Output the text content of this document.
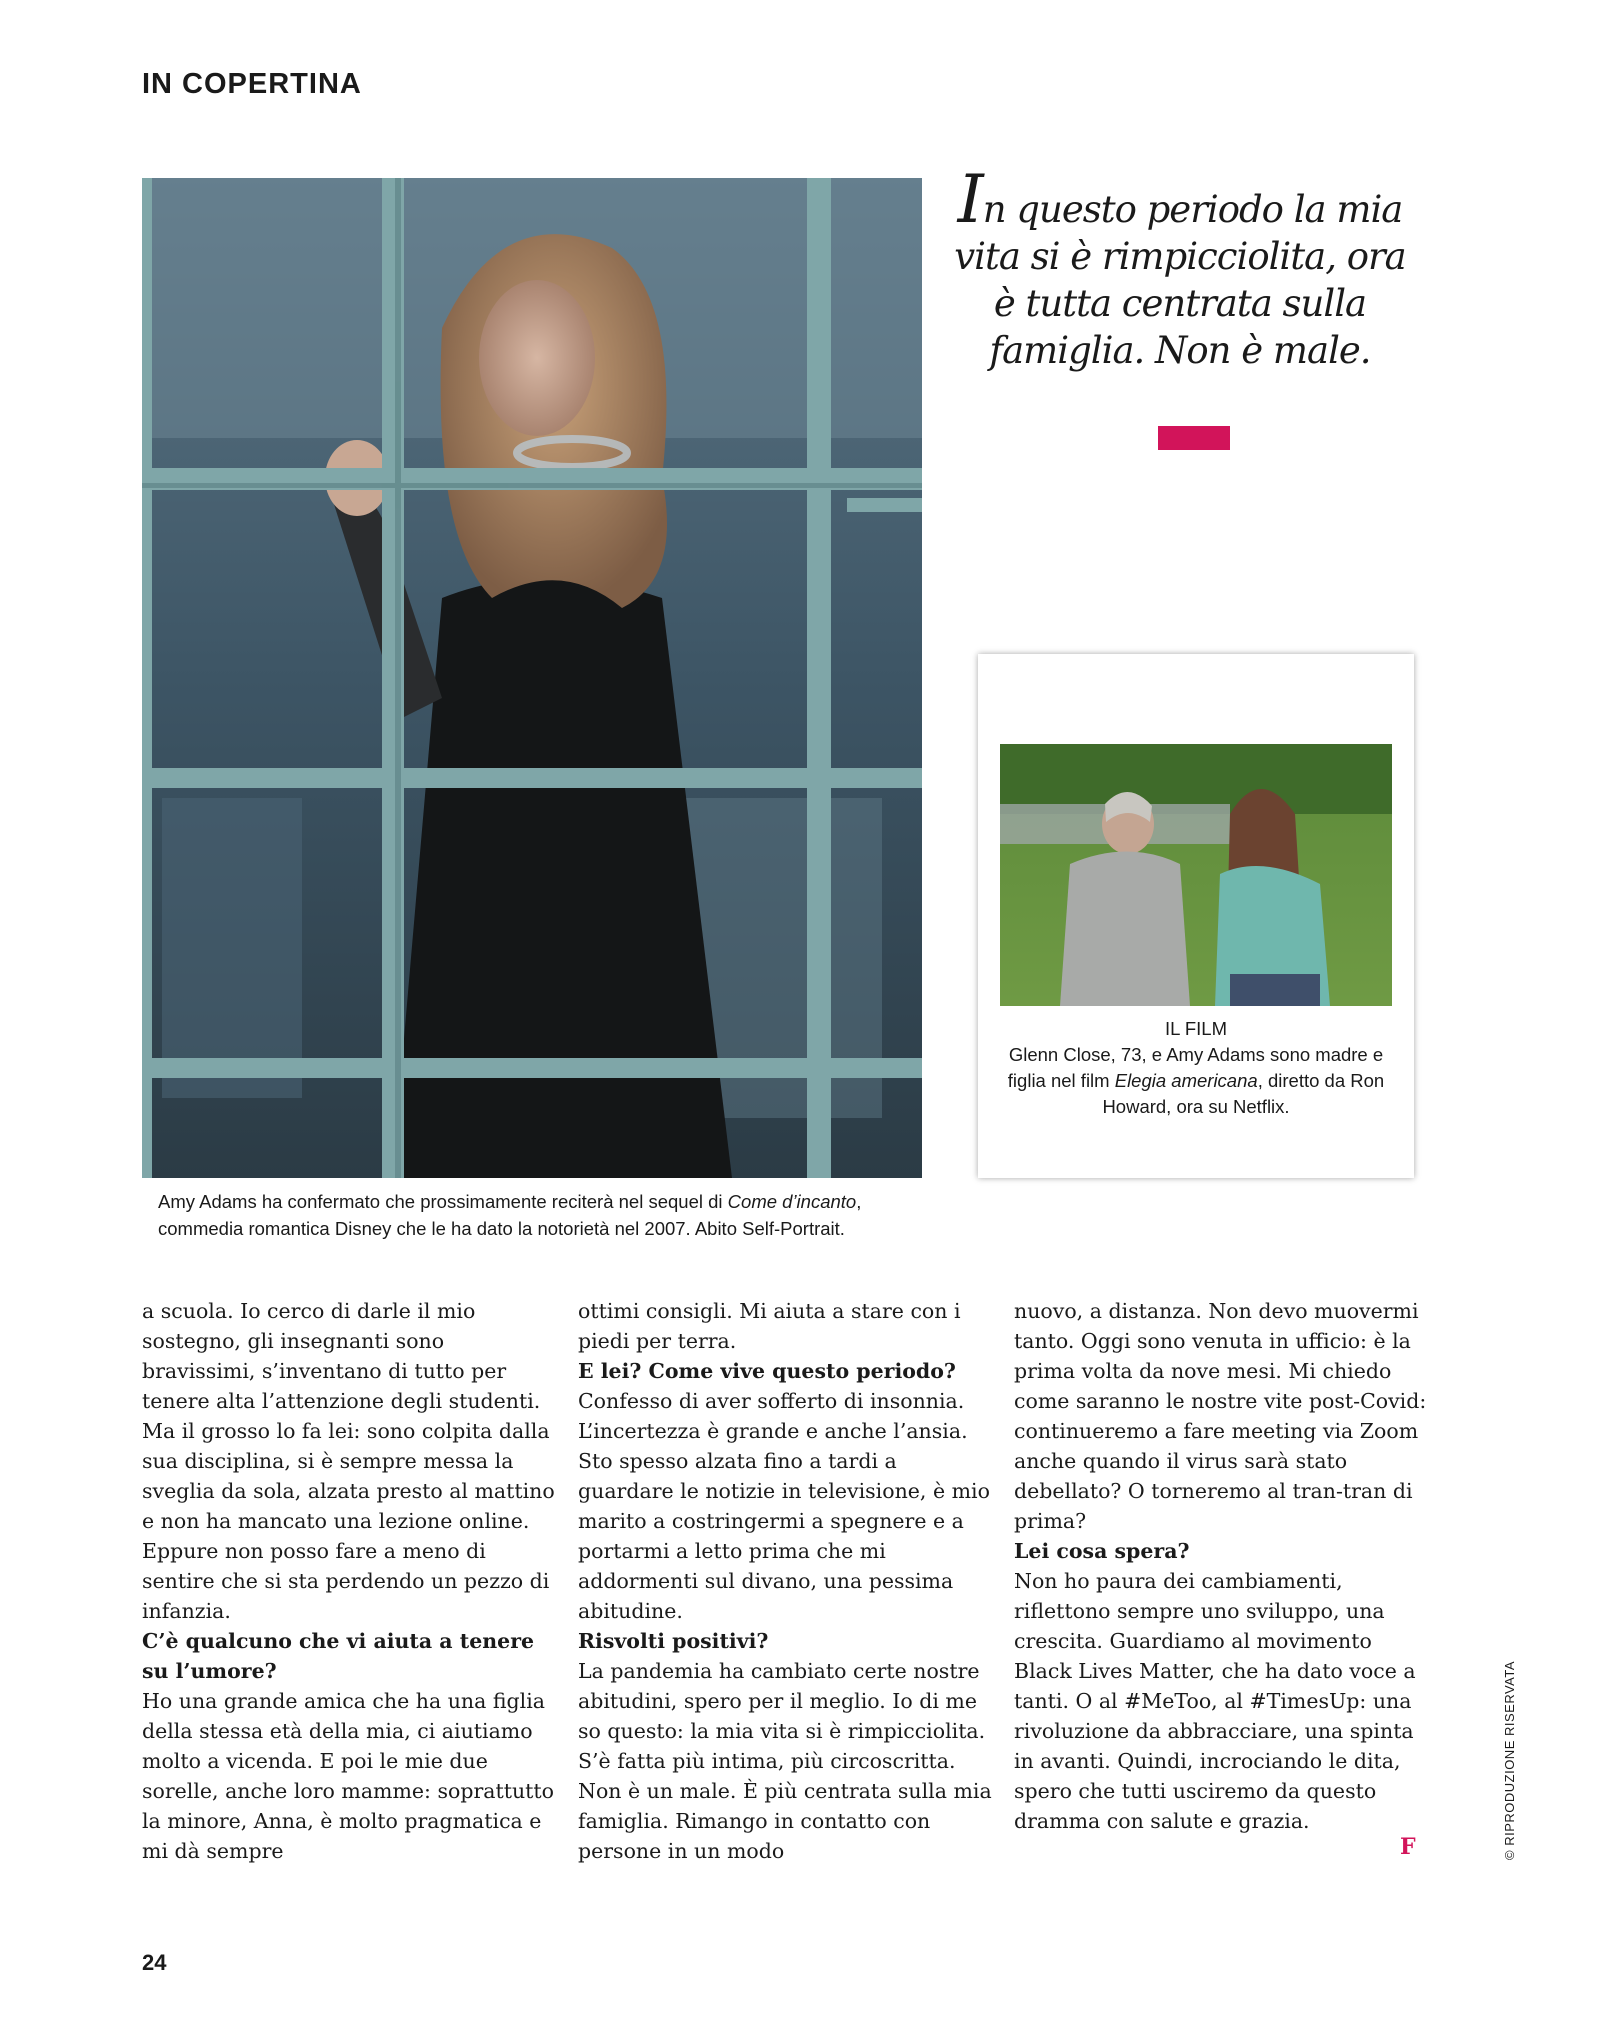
IN COPERTINA

Amy Adams ha confermato che prossimamente reciterà nel sequel di Come d’incanto, commedia romantica Disney che le ha dato la notorietà nel 2007. Abito Self-Portrait.

In questo periodo la mia vita si è rimpicciolita, ora è tutta centrata sulla famiglia. Non è male.

IL FILM
Glenn Close, 73, e Amy Adams sono madre e figlia nel film Elegia americana, diretto da Ron Howard, ora su Netflix.

a scuola. Io cerco di darle il mio sostegno, gli insegnanti sono bravissimi, s’inventano di tutto per tenere alta l’attenzione degli studenti. Ma il grosso lo fa lei: sono colpita dalla sua disciplina, si è sempre messa la sveglia da sola, alzata presto al mattino e non ha mancato una lezione online. Eppure non posso fare a meno di sentire che si sta perdendo un pezzo di infanzia.

C’è qualcuno che vi aiuta a tenere su l’umore?

Ho una grande amica che ha una figlia della stessa età della mia, ci aiutiamo molto a vicenda. E poi le mie due sorelle, anche loro mamme: soprattutto la minore, Anna, è molto pragmatica e mi dà sempre

ottimi consigli. Mi aiuta a stare con i piedi per terra.

E lei? Come vive questo periodo?

Confesso di aver sofferto di insonnia. L’incertezza è grande e anche l’ansia. Sto spesso alzata fino a tardi a guardare le notizie in televisione, è mio marito a costringermi a spegnere e a portarmi a letto prima che mi addormenti sul divano, una pessima abitudine.

Risvolti positivi?

La pandemia ha cambiato certe nostre abitudini, spero per il meglio. Io di me so questo: la mia vita si è rimpicciolita. S’è fatta più intima, più circoscritta. Non è un male. È più centrata sulla mia famiglia. Rimango in contatto con persone in un modo

nuovo, a distanza. Non devo muovermi tanto. Oggi sono venuta in ufficio: è la prima volta da nove mesi. Mi chiedo come saranno le nostre vite post-Covid: continueremo a fare meeting via Zoom anche quando il virus sarà stato debellato? O torneremo al tran-tran di prima?

Lei cosa spera?

Non ho paura dei cambiamenti, riflettono sempre uno sviluppo, una crescita. Guardiamo al movimento Black Lives Matter, che ha dato voce a tanti. O al #MeToo, al #TimesUp: una rivoluzione da abbracciare, una spinta in avanti. Quindi, incrociando le dita, spero che tutti usciremo da questo dramma con salute e grazia.

F	© RIPRODUZIONE RISERVATA
24
